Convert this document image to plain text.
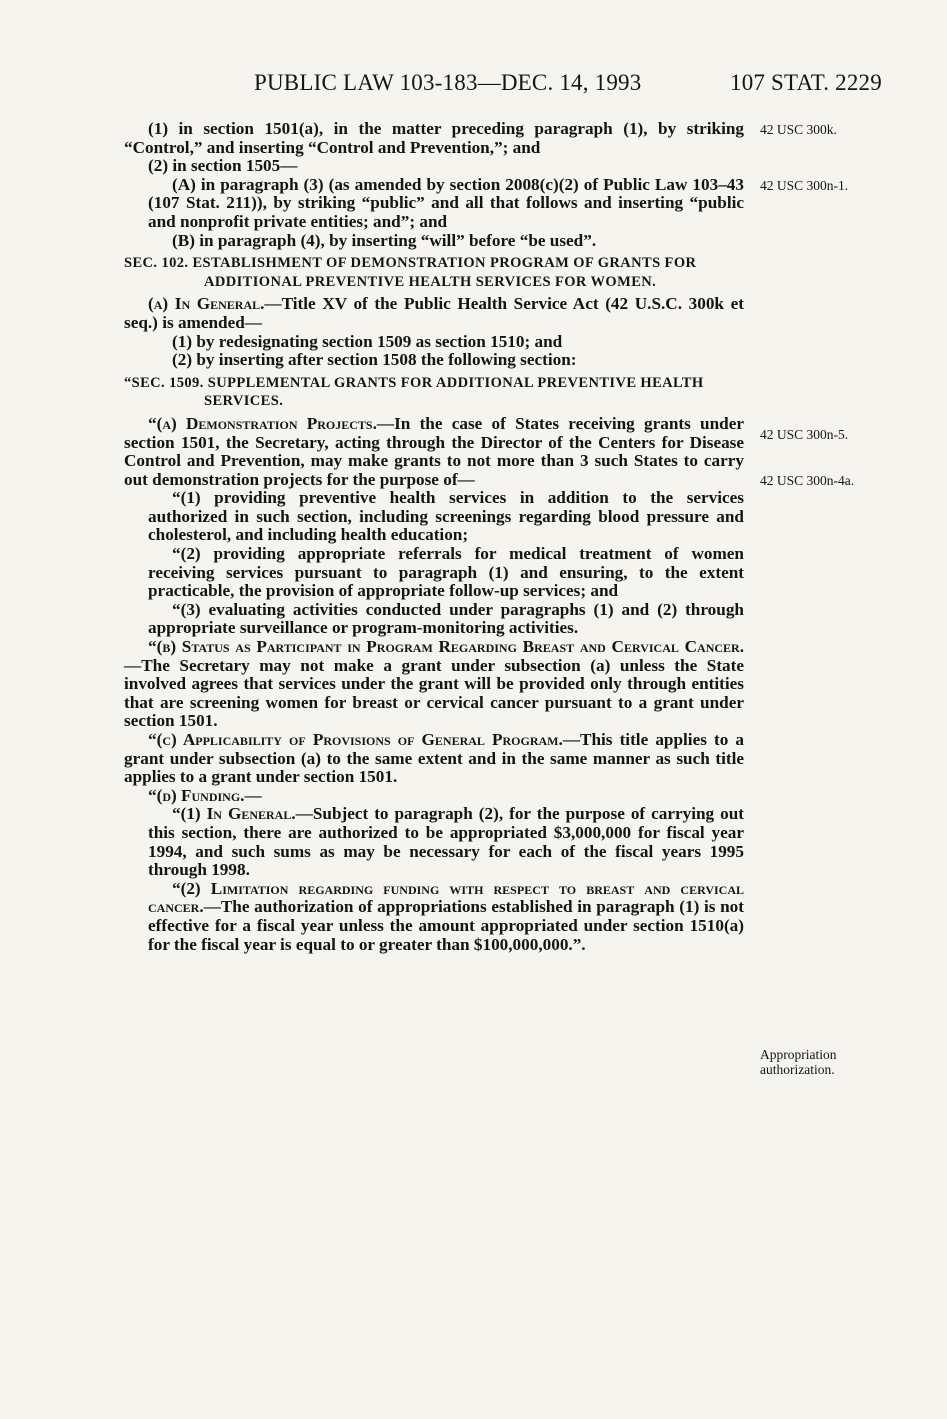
PUBLIC LAW 103-183—DEC. 14, 1993	107 STAT. 2229
42 USC 300k.
42 USC 300n-1.
42 USC 300n-5.
42 USC 300n-4a.
Appropriation
authorization.

(1) in section 1501(a), in the matter preceding paragraph (1), by striking “Control,” and inserting “Control and Prevention,”; and

(2) in section 1505—

(A) in paragraph (3) (as amended by section 2008(c)(2) of Public Law 103–43 (107 Stat. 211)), by striking “public” and all that follows and inserting “public and nonprofit private entities; and”; and

(B) in paragraph (4), by inserting “will” before “be used”.

SEC. 102. ESTABLISHMENT OF DEMONSTRATION PROGRAM OF GRANTS FOR ADDITIONAL PREVENTIVE HEALTH SERVICES FOR WOMEN.

(a) In General.—Title XV of the Public Health Service Act (42 U.S.C. 300k et seq.) is amended—

(1) by redesignating section 1509 as section 1510; and

(2) by inserting after section 1508 the following section:

“SEC. 1509. SUPPLEMENTAL GRANTS FOR ADDITIONAL PREVENTIVE HEALTH SERVICES.

“(a) Demonstration Projects.—In the case of States receiving grants under section 1501, the Secretary, acting through the Director of the Centers for Disease Control and Prevention, may make grants to not more than 3 such States to carry out demonstration projects for the purpose of—

“(1) providing preventive health services in addition to the services authorized in such section, including screenings regarding blood pressure and cholesterol, and including health education;

“(2) providing appropriate referrals for medical treatment of women receiving services pursuant to paragraph (1) and ensuring, to the extent practicable, the provision of appropriate follow-up services; and

“(3) evaluating activities conducted under paragraphs (1) and (2) through appropriate surveillance or program-monitoring activities.

“(b) Status as Participant in Program Regarding Breast and Cervical Cancer.—The Secretary may not make a grant under subsection (a) unless the State involved agrees that services under the grant will be provided only through entities that are screening women for breast or cervical cancer pursuant to a grant under section 1501.

“(c) Applicability of Provisions of General Program.—This title applies to a grant under subsection (a) to the same extent and in the same manner as such title applies to a grant under section 1501.

“(d) Funding.—

“(1) In General.—Subject to paragraph (2), for the purpose of carrying out this section, there are authorized to be appropriated $3,000,000 for fiscal year 1994, and such sums as may be necessary for each of the fiscal years 1995 through 1998.

“(2) Limitation regarding funding with respect to breast and cervical cancer.—The authorization of appropriations established in paragraph (1) is not effective for a fiscal year unless the amount appropriated under section 1510(a) for the fiscal year is equal to or greater than $100,000,000.”.
